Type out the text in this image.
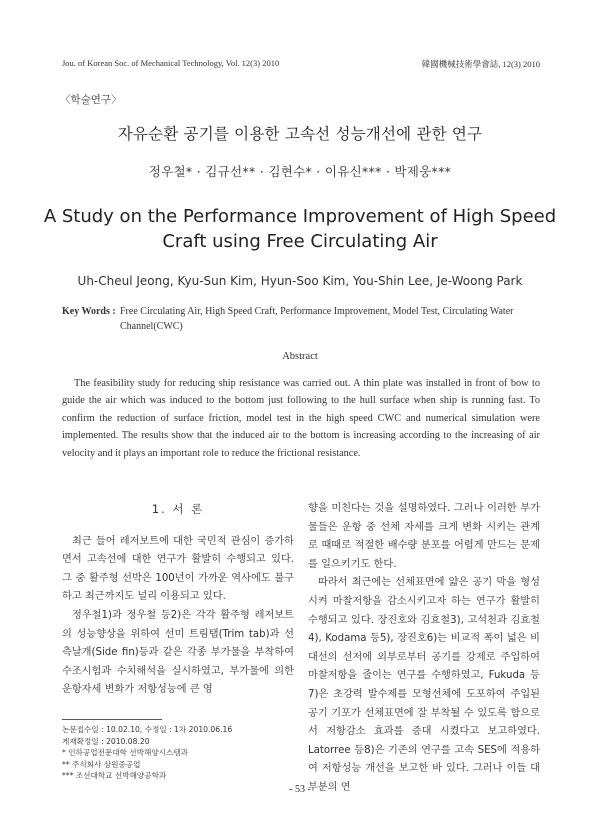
Jou. of Korean Soc. of Mechanical Technology, Vol. 12(3) 2010	韓國機械技術學會誌, 12(3) 2010
〈학술연구〉
자유순환 공기를 이용한 고속선 성능개선에 관한 연구
정우철* · 김규선** · 김현수* · 이유신*** · 박제웅***
A Study on the Performance Improvement of High Speed
Craft using Free Circulating Air
Uh-Cheul Jeong, Kyu-Sun Kim, Hyun-Soo Kim, You-Shin Lee, Je-Woong Park
Key Words : Free Circulating Air, High Speed Craft, Performance Improvement, Model Test, Circulating Water Channel(CWC)
Abstract

The feasibility study for reducing ship resistance was carried out. A thin plate was installed in front of bow to guide the air which was induced to the bottom just following to the hull surface when ship is running fast. To confirm the reduction of surface friction, model test in the high speed CWC and numerical simulation were implemented. The results show that the induced air to the bottom is increasing according to the increasing of air velocity and it plays an important role to reduce the frictional resistance.

1. 서 론

최근 들어 레저보트에 대한 국민적 관심이 증가하면서 고속선에 대한 연구가 활발히 수행되고 있다. 그 중 활주형 선박은 100년이 가까운 역사에도 불구하고 최근까지도 널리 이용되고 있다.

정우철1)과 정우철 등2)은 각각 활주형 레저보트의 성능향상을 위하여 선미 트림탭(Trim tab)과 선측날개(Side fin)등과 같은 각종 부가물을 부착하여 수조시험과 수치해석을 실시하였고, 부가물에 의한 운항자세 변화가 저항성능에 큰 영

향을 미친다는 것을 설명하였다. 그러나 이러한 부가물들은 운항 중 선체 자세를 크게 변화 시키는 관계로 때때로 적절한 배수량 분포를 어렵게 만드는 문제를 일으키기도 한다.

따라서 최근에는 선체표면에 얇은 공기 막을 형성시켜 마찰저항을 감소시키고자 하는 연구가 활발히 수행되고 있다. 장진호와 김효철3), 고석천과 김효철4), Kodama 등5), 장진호6)는 비교적 폭이 넓은 비대선의 선저에 외부로부터 공기를 강제로 주입하여 마찰저항을 줄이는 연구를 수행하였고, Fukuda 등7)은 초강력 발수제를 모형선체에 도포하여 주입된 공기 기포가 선체표면에 잘 부착될 수 있도록 함으로서 저항감소 효과를 증대 시켰다고 보고하였다. Latorree 등8)은 기존의 연구를 고속 SES에 적용하여 저항성능 개선을 보고한 바 있다. 그러나 이들 대부분의 연

논문접수일 : 10.02.10, 수정일 : 1차 2010.06.16
게재확정일 : 2010.08.20
* 인하공업전문대학 선박해양시스템과
** 주식회사 삼원중공업
*** 조선대학교 선박해양공학과
- 53 -
